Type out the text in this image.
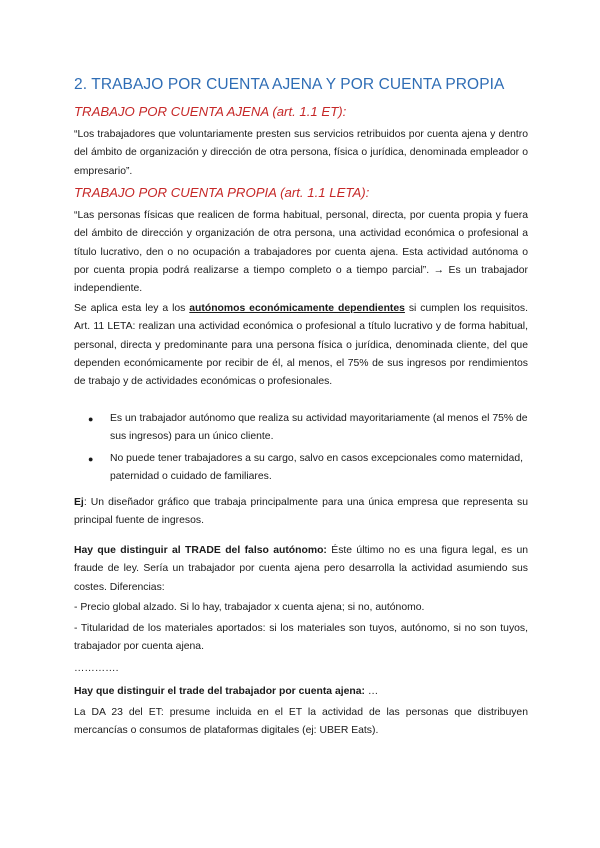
2. TRABAJO POR CUENTA AJENA Y POR CUENTA PROPIA
TRABAJO POR CUENTA AJENA (art. 1.1 ET):
“Los trabajadores que voluntariamente presten sus servicios retribuidos por cuenta ajena y dentro del ámbito de organización y dirección de otra persona, física o jurídica, denominada empleador o empresario”.
TRABAJO POR CUENTA PROPIA (art. 1.1 LETA):
“Las personas físicas que realicen de forma habitual, personal, directa, por cuenta propia y fuera del ámbito de dirección y organización de otra persona, una actividad económica o profesional a título lucrativo, den o no ocupación a trabajadores por cuenta ajena. Esta actividad autónoma o por cuenta propia podrá realizarse a tiempo completo o a tiempo parcial”. → Es un trabajador independiente.
Se aplica esta ley a los autónomos económicamente dependientes si cumplen los requisitos. Art. 11 LETA: realizan una actividad económica o profesional a título lucrativo y de forma habitual, personal, directa y predominante para una persona física o jurídica, denominada cliente, del que dependen económicamente por recibir de él, al menos, el 75% de sus ingresos por rendimientos de trabajo y de actividades económicas o profesionales.
● Es un trabajador autónomo que realiza su actividad mayoritariamente (al menos el 75% de sus ingresos) para un único cliente.
● No puede tener trabajadores a su cargo, salvo en casos excepcionales como maternidad, paternidad o cuidado de familiares.
Ej: Un diseñador gráfico que trabaja principalmente para una única empresa que representa su principal fuente de ingresos.
Hay que distinguir al TRADE del falso autónomo: Éste último no es una figura legal, es un fraude de ley. Sería un trabajador por cuenta ajena pero desarrolla la actividad asumiendo sus costes. Diferencias:
- Precio global alzado. Si lo hay, trabajador x cuenta ajena; si no, autónomo.
- Titularidad de los materiales aportados: si los materiales son tuyos, autónomo, si no son tuyos, trabajador por cuenta ajena.
………….
Hay que distinguir el trade del trabajador por cuenta ajena: …
La DA 23 del ET: presume incluida en el ET la actividad de las personas que distribuyen mercancías o consumos de plataformas digitales (ej: UBER Eats).
